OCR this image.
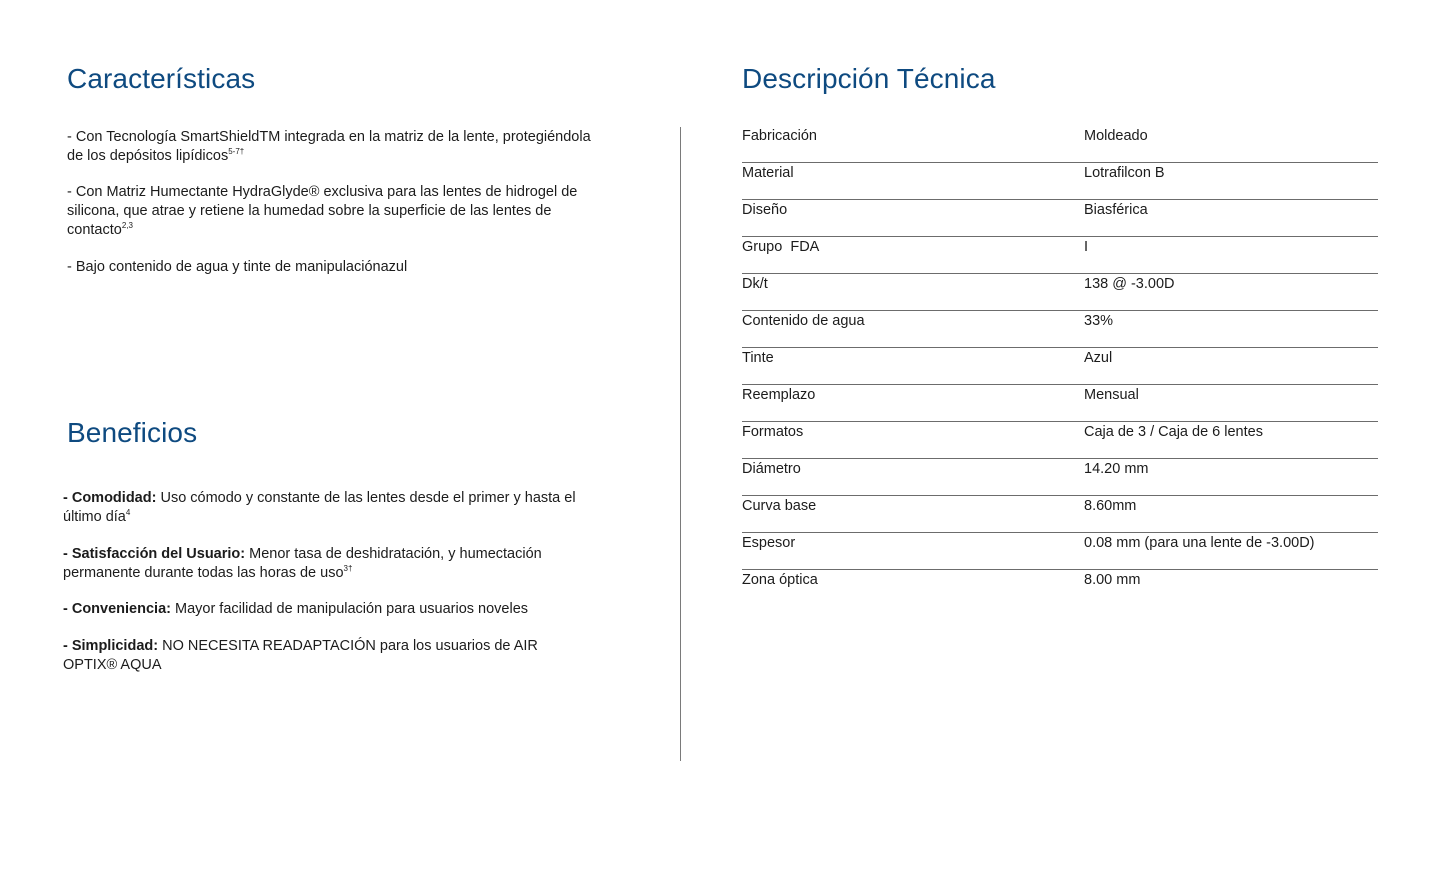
Características

- Con Tecnología SmartShieldTM integrada en la matriz de la lente, protegiéndola de los depósitos lipídicos$^{5-7\dagger}$

- Con Matriz Humectante HydraGlyde® exclusiva para las lentes de hidrogel de silicona, que atrae y retiene la humedad sobre la superficie de las lentes de contacto$^{2,3}$

- Bajo contenido de agua y tinte de manipulaciónazul

Beneficios

- Comodidad: Uso cómodo y constante de las lentes desde el primer y hasta el último día$^4$

- Satisfacción del Usuario: Menor tasa de deshidratación, y humectación permanente durante todas las horas de uso$^{3\dagger}$

- Conveniencia: Mayor facilidad de manipulación para usuarios noveles

- Simplicidad: NO NECESITA READAPTACIÓN para los usuarios de AIR OPTIX® AQUA

Descripción Técnica
Fabricación	Moldeado
Material	Lotrafilcon B
Diseño	Biasférica
Grupo  FDA	I
Dk/t	138 @ -3.00D
Contenido de agua	33%
Tinte	Azul
Reemplazo	Mensual
Formatos	Caja de 3 / Caja de 6 lentes
Diámetro	14.20 mm
Curva base	8.60mm
Espesor	0.08 mm (para una lente de -3.00D)
Zona óptica	8.00 mm
